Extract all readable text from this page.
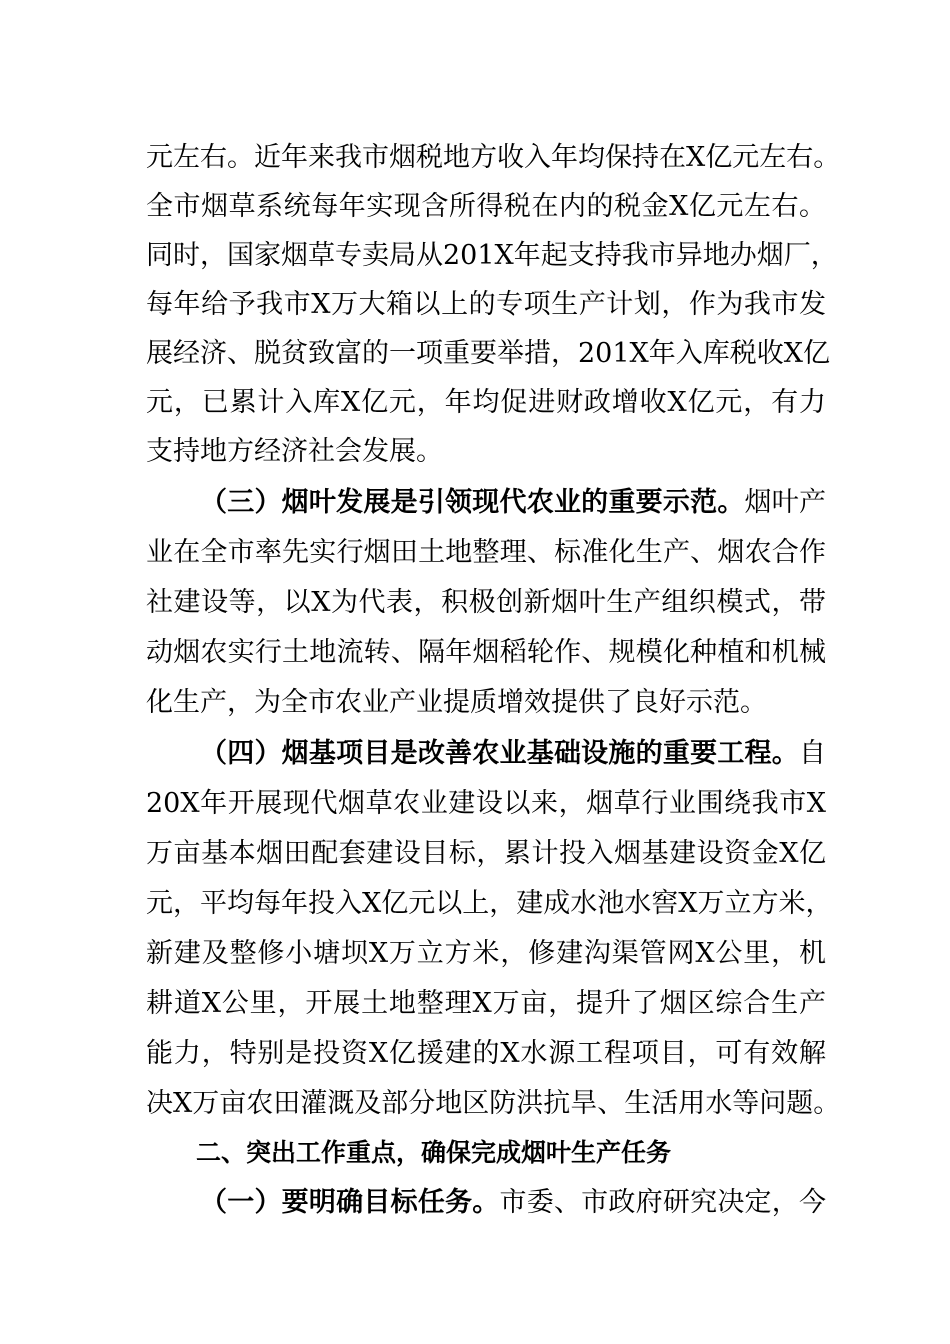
元左右。近年来我市烟税地方收入年均保持在X亿元左右。
全市烟草系统每年实现含所得税在内的税金X亿元左右。
同时，国家烟草专卖局从201X年起支持我市异地办烟厂，
每年给予我市X万大箱以上的专项生产计划，作为我市发
展经济、脱贫致富的一项重要举措，201X年入库税收X亿
元，已累计入库X亿元，年均促进财政增收X亿元，有力
支持地方经济社会发展。
（三）烟叶发展是引领现代农业的重要示范。烟叶产
业在全市率先实行烟田土地整理、标准化生产、烟农合作
社建设等，以X为代表，积极创新烟叶生产组织模式，带
动烟农实行土地流转、隔年烟稻轮作、规模化种植和机械
化生产，为全市农业产业提质增效提供了良好示范。
（四）烟基项目是改善农业基础设施的重要工程。自
20X年开展现代烟草农业建设以来，烟草行业围绕我市X
万亩基本烟田配套建设目标，累计投入烟基建设资金X亿
元，平均每年投入X亿元以上，建成水池水窖X万立方米，
新建及整修小塘坝X万立方米，修建沟渠管网X公里，机
耕道X公里，开展土地整理X万亩，提升了烟区综合生产
能力，特别是投资X亿援建的X水源工程项目，可有效解
决X万亩农田灌溉及部分地区防洪抗旱、生活用水等问题。
二、突出工作重点，确保完成烟叶生产任务
（一）要明确目标任务。市委、市政府研究决定，今
